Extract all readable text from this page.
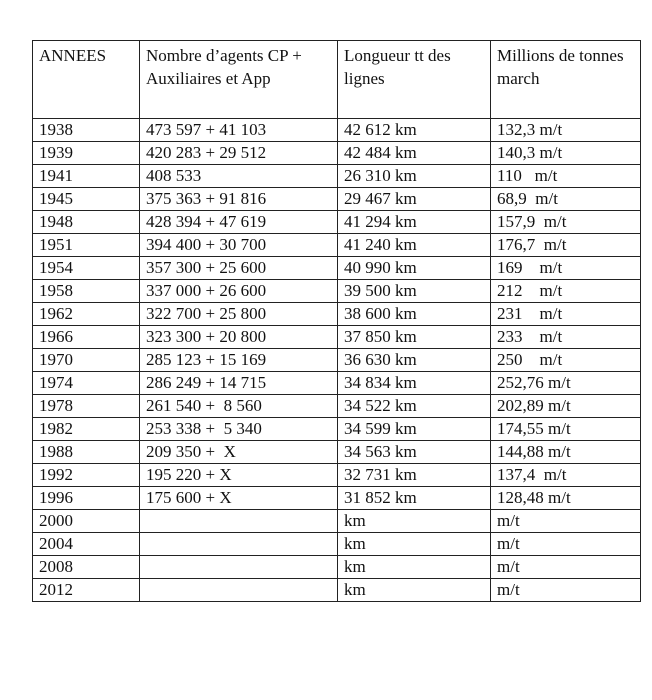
ANNEES	Nombre d’agents CP + Auxiliaires et App	Longueur tt des lignes	Millions de tonnes march
1938	473 597 + 41 103	42 612 km	132,3 m/t
1939	420 283 + 29 512	42 484 km	140,3 m/t
1941	408 533	26 310 km	110   m/t
1945	375 363 + 91 816	29 467 km	68,9  m/t
1948	428 394 + 47 619	41 294 km	157,9  m/t
1951	394 400 + 30 700	41 240 km	176,7  m/t
1954	357 300 + 25 600	40 990 km	169    m/t
1958	337 000 + 26 600	39 500 km	212    m/t
1962	322 700 + 25 800	38 600 km	231    m/t
1966	323 300 + 20 800	37 850 km	233    m/t
1970	285 123 + 15 169	36 630 km	250    m/t
1974	286 249 + 14 715	34 834 km	252,76 m/t
1978	261 540 +  8 560	34 522 km	202,89 m/t
1982	253 338 +  5 340	34 599 km	174,55 m/t
1988	209 350 +  X	34 563 km	144,88 m/t
1992	195 220 + X	32 731 km	137,4  m/t
1996	175 600 + X	31 852 km	128,48 m/t
2000		km	m/t
2004		km	m/t
2008		km	m/t
2012		km	m/t
